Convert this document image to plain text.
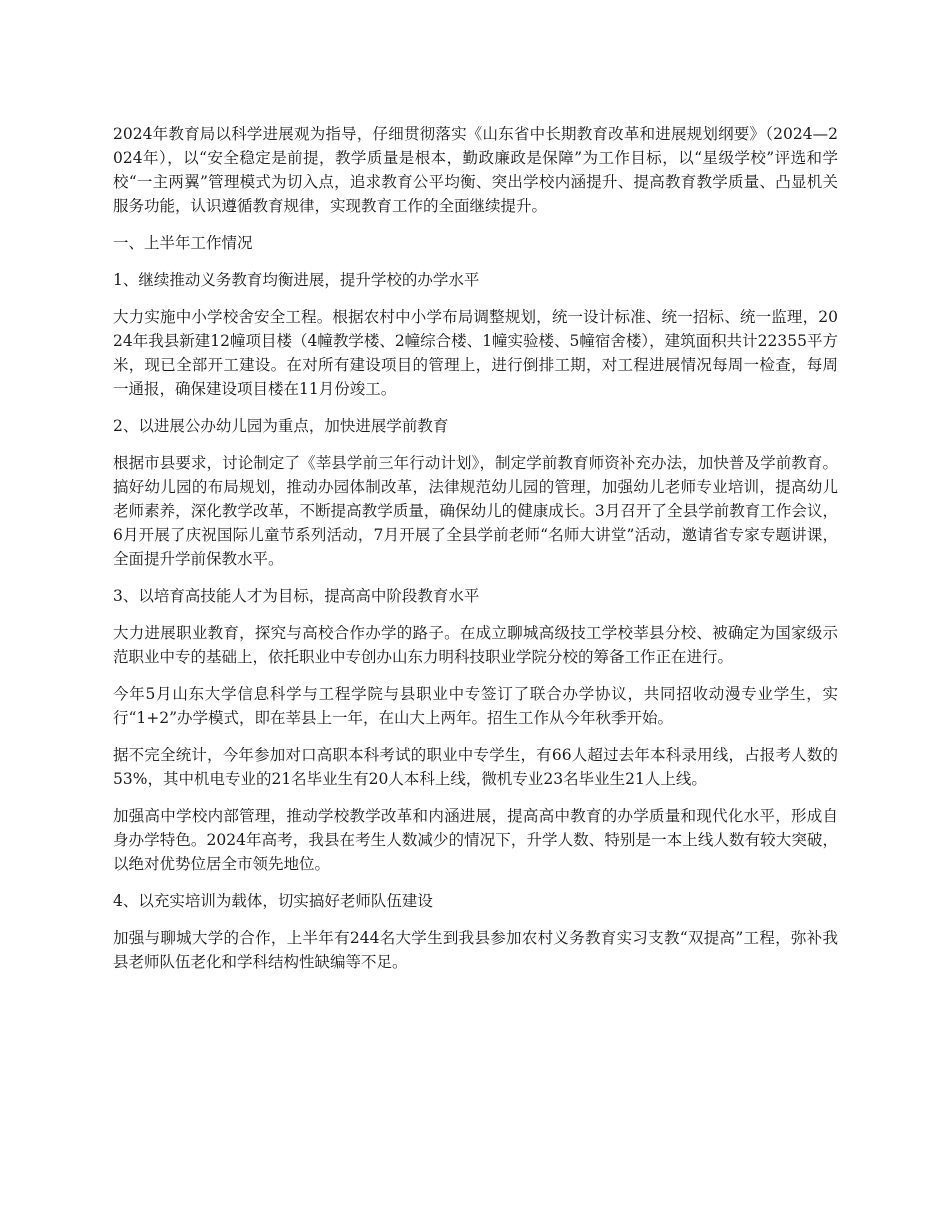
2024年教育局以科学进展观为指导，仔细贯彻落实《山东省中长期教育改革和进展规划纲要》（2024—2024年），以“安全稳定是前提，教学质量是根本，勤政廉政是保障”为工作目标，以“星级学校”评选和学校“一主两翼”管理模式为切入点，追求教育公平均衡、突出学校内涵提升、提高教育教学质量、凸显机关服务功能，认识遵循教育规律，实现教育工作的全面继续提升。

一、上半年工作情况

1、继续推动义务教育均衡进展，提升学校的办学水平

大力实施中小学校舍安全工程。根据农村中小学布局调整规划，统一设计标准、统一招标、统一监理，2024年我县新建12幢项目楼（4幢教学楼、2幢综合楼、1幢实验楼、5幢宿舍楼），建筑面积共计22355平方米，现已全部开工建设。在对所有建设项目的管理上，进行倒排工期，对工程进展情况每周一检查，每周一通报，确保建设项目楼在11月份竣工。

2、以进展公办幼儿园为重点，加快进展学前教育

根据市县要求，讨论制定了《莘县学前三年行动计划》，制定学前教育师资补充办法，加快普及学前教育。搞好幼儿园的布局规划，推动办园体制改革，法律规范幼儿园的管理，加强幼儿老师专业培训，提高幼儿老师素养，深化教学改革，不断提高教学质量，确保幼儿的健康成长。3月召开了全县学前教育工作会议，6月开展了庆祝国际儿童节系列活动，7月开展了全县学前老师“名师大讲堂”活动，邀请省专家专题讲课，全面提升学前保教水平。

3、以培育高技能人才为目标，提高高中阶段教育水平

大力进展职业教育，探究与高校合作办学的路子。在成立聊城高级技工学校莘县分校、被确定为国家级示范职业中专的基础上，依托职业中专创办山东力明科技职业学院分校的筹备工作正在进行。

今年5月山东大学信息科学与工程学院与县职业中专签订了联合办学协议，共同招收动漫专业学生，实行“1+2”办学模式，即在莘县上一年，在山大上两年。招生工作从今年秋季开始。

据不完全统计，今年参加对口高职本科考试的职业中专学生，有66人超过去年本科录用线，占报考人数的53%，其中机电专业的21名毕业生有20人本科上线，微机专业23名毕业生21人上线。

加强高中学校内部管理，推动学校教学改革和内涵进展，提高高中教育的办学质量和现代化水平，形成自身办学特色。2024年高考，我县在考生人数减少的情况下，升学人数、特别是一本上线人数有较大突破，以绝对优势位居全市领先地位。

4、以充实培训为载体，切实搞好老师队伍建设

加强与聊城大学的合作，上半年有244名大学生到我县参加农村义务教育实习支教“双提高”工程，弥补我县老师队伍老化和学科结构性缺编等不足。
